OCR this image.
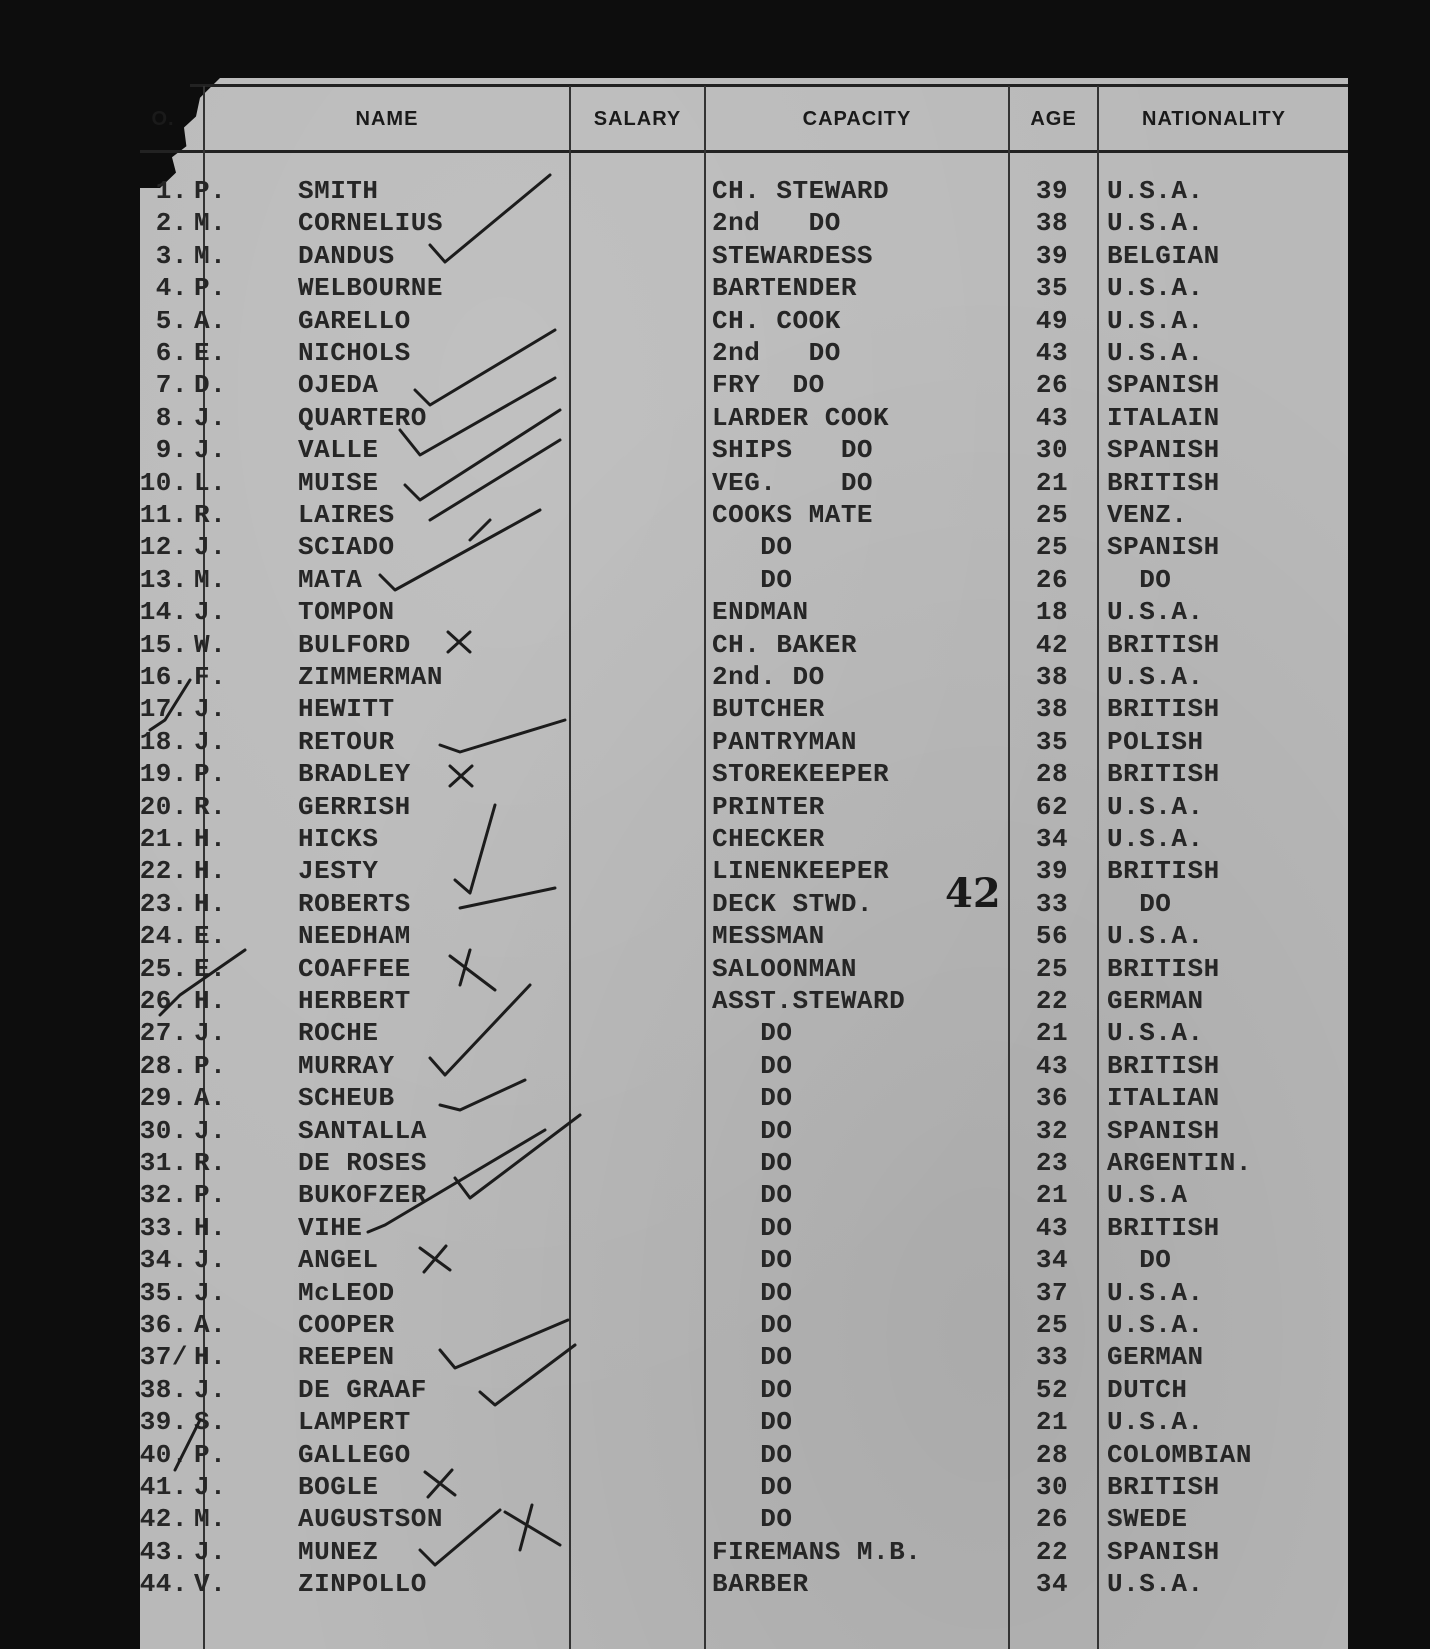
O.	NAME	SALARY	CAPACITY	AGE	NATIONALITY
1. P.	SMITH	CH. STEWARD	39	U.S.A.
2. M.	CORNELIUS	2nd   DO	38	U.S.A.
3. M.	DANDUS	STEWARDESS	39	BELGIAN
4. P.	WELBOURNE	BARTENDER	35	U.S.A.
5. A.	GARELLO	CH. COOK	49	U.S.A.
6. E.	NICHOLS	2nd   DO	43	U.S.A.
7. D.	OJEDA	FRY  DO	26	SPANISH
8. J.	QUARTERO	LARDER COOK	43	ITALAIN
9. J.	VALLE	SHIPS   DO	30	SPANISH
10. L.	MUISE	VEG.    DO	21	BRITISH
11. R.	LAIRES	COOKS MATE	25	VENZ.
12. J.	SCIADO	DO	25	SPANISH
13. M.	MATA	DO	26	DO
14. J.	TOMPON	ENDMAN	18	U.S.A.
15. W.	BULFORD	CH. BAKER	42	BRITISH
16. F.	ZIMMERMAN	2nd. DO	38	U.S.A.
17. J.	HEWITT	BUTCHER	38	BRITISH
18. J.	RETOUR	PANTRYMAN	35	POLISH
19. P.	BRADLEY	STOREKEEPER	28	BRITISH
20. R.	GERRISH	PRINTER	62	U.S.A.
21. H.	HICKS	CHECKER	34	U.S.A.
22. H.	JESTY	LINENKEEPER	39	BRITISH
23. H.	ROBERTS	DECK STWD.	33	DO
24. E.	NEEDHAM	MESSMAN	56	U.S.A.
25. E.	COAFFEE	SALOONMAN	25	BRITISH
26. H.	HERBERT	ASST.STEWARD	22	GERMAN
27. J.	ROCHE	DO	21	U.S.A.
28. P.	MURRAY	DO	43	BRITISH
29. A.	SCHEUB	DO	36	ITALIAN
30. J.	SANTALLA	DO	32	SPANISH
31. R.	DE ROSES	DO	23	ARGENTIN.
32. P.	BUKOFZER	DO	21	U.S.A
33. H.	VIHE	DO	43	BRITISH
34. J.	ANGEL	DO	34	DO
35. J.	McLEOD	DO	37	U.S.A.
36. A.	COOPER	DO	25	U.S.A.
37/ H.	REEPEN	DO	33	GERMAN
38. J.	DE GRAAF	DO	52	DUTCH
39. S.	LAMPERT	DO	21	U.S.A.
40. P.	GALLEGO	DO	28	COLOMBIAN
41. J.	BOGLE	DO	30	BRITISH
42. M.	AUGUSTSON	DO	26	SWEDE
43. J.	MUNEZ	FIREMANS M.B.	22	SPANISH
44. V.	ZINPOLLO	BARBER	34	U.S.A.
42
